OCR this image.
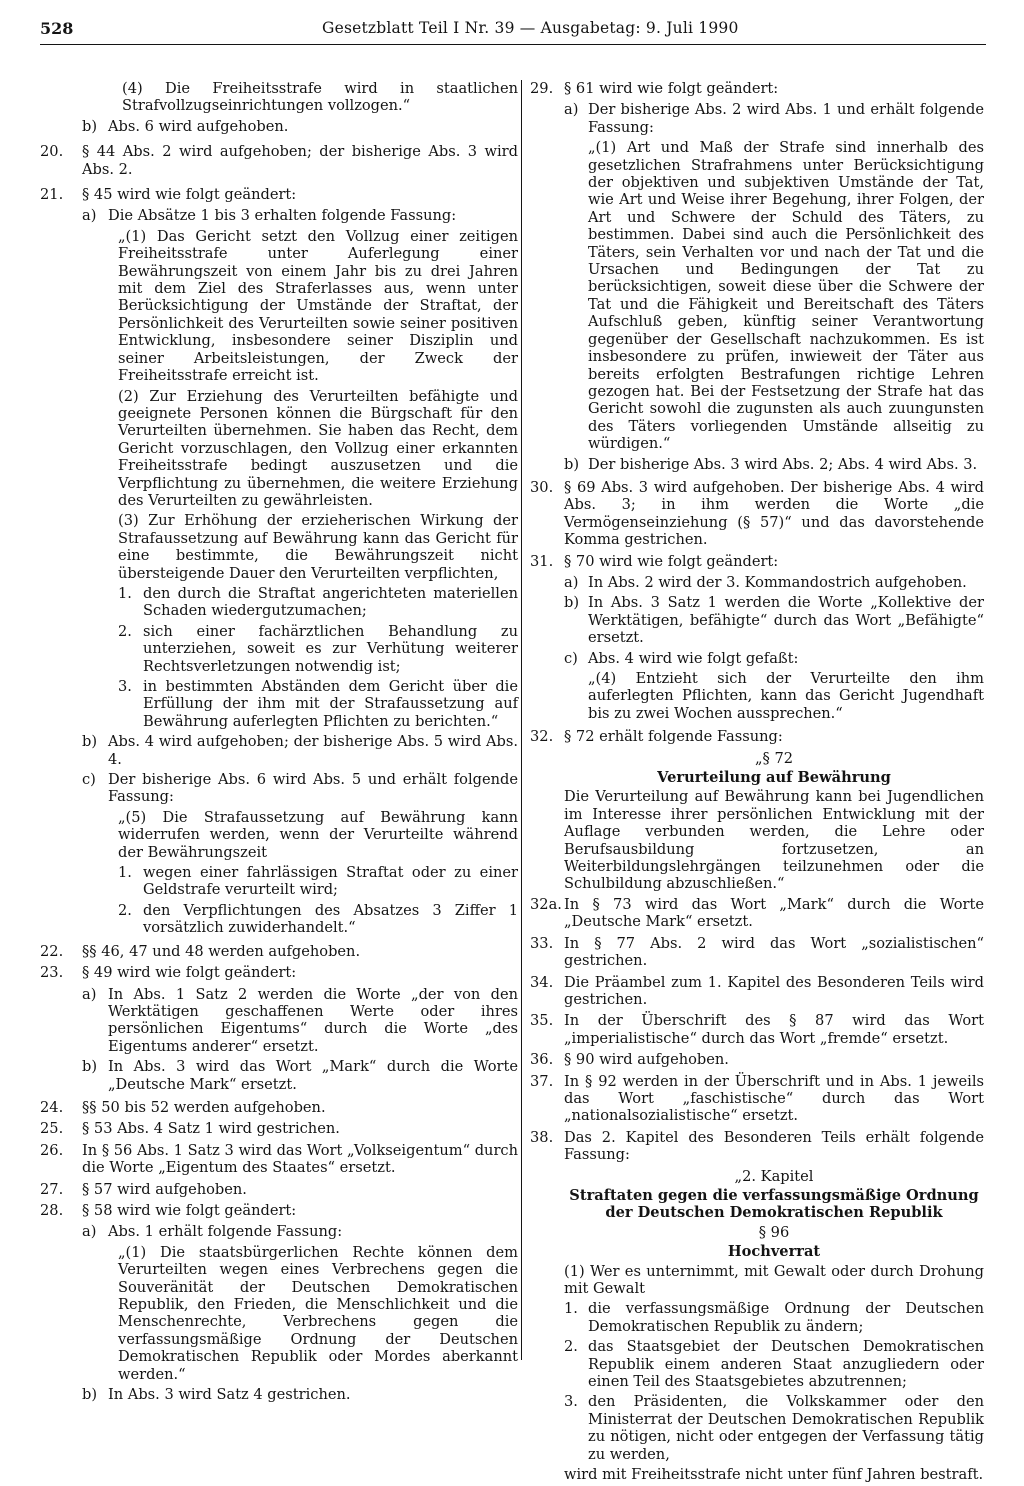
528	Gesetzblatt Teil I Nr. 39 — Ausgabetag: 9. Juli 1990
(4) Die Freiheitsstrafe wird in staatlichen Strafvollzugseinrichtungen vollzogen.“
b) Abs. 6 wird aufgehoben.
20. § 44 Abs. 2 wird aufgehoben; der bisherige Abs. 3 wird Abs. 2.
21. § 45 wird wie folgt geändert:
a) Die Absätze 1 bis 3 erhalten folgende Fassung:
„(1) Das Gericht setzt den Vollzug einer zeitigen Freiheitsstrafe unter Auferlegung einer Bewährungszeit von einem Jahr bis zu drei Jahren mit dem Ziel des Straferlasses aus, wenn unter Berücksichtigung der Umstände der Straftat, der Persönlichkeit des Verurteilten sowie seiner positiven Entwicklung, insbesondere seiner Disziplin und seiner Arbeitsleistungen, der Zweck der Freiheitsstrafe erreicht ist.
(2) Zur Erziehung des Verurteilten befähigte und geeignete Personen können die Bürgschaft für den Verurteilten übernehmen. Sie haben das Recht, dem Gericht vorzuschlagen, den Vollzug einer erkannten Freiheitsstrafe bedingt auszusetzen und die Verpflichtung zu übernehmen, die weitere Erziehung des Verurteilten zu gewährleisten.
(3) Zur Erhöhung der erzieherischen Wirkung der Strafaussetzung auf Bewährung kann das Gericht für eine bestimmte, die Bewährungszeit nicht übersteigende Dauer den Verurteilten verpflichten,
1. den durch die Straftat angerichteten materiellen Schaden wiedergutzumachen;
2. sich einer fachärztlichen Behandlung zu unterziehen, soweit es zur Verhütung weiterer Rechtsverletzungen notwendig ist;
3. in bestimmten Abständen dem Gericht über die Erfüllung der ihm mit der Strafaussetzung auf Bewährung auferlegten Pflichten zu berichten.“
b) Abs. 4 wird aufgehoben; der bisherige Abs. 5 wird Abs. 4.
c) Der bisherige Abs. 6 wird Abs. 5 und erhält folgende Fassung:
„(5) Die Strafaussetzung auf Bewährung kann widerrufen werden, wenn der Verurteilte während der Bewährungszeit
1. wegen einer fahrlässigen Straftat oder zu einer Geldstrafe verurteilt wird;
2. den Verpflichtungen des Absatzes 3 Ziffer 1 vorsätzlich zuwiderhandelt.“
22. §§ 46, 47 und 48 werden aufgehoben.
23. § 49 wird wie folgt geändert:
a) In Abs. 1 Satz 2 werden die Worte „der von den Werktätigen geschaffenen Werte oder ihres persönlichen Eigentums“ durch die Worte „des Eigentums anderer“ ersetzt.
b) In Abs. 3 wird das Wort „Mark“ durch die Worte „Deutsche Mark“ ersetzt.
24. §§ 50 bis 52 werden aufgehoben.
25. § 53 Abs. 4 Satz 1 wird gestrichen.
26. In § 56 Abs. 1 Satz 3 wird das Wort „Volkseigentum“ durch die Worte „Eigentum des Staates“ ersetzt.
27. § 57 wird aufgehoben.
28. § 58 wird wie folgt geändert:
a) Abs. 1 erhält folgende Fassung:
„(1) Die staatsbürgerlichen Rechte können dem Verurteilten wegen eines Verbrechens gegen die Souveränität der Deutschen Demokratischen Republik, den Frieden, die Menschlichkeit und die Menschenrechte, Verbrechens gegen die verfassungsmäßige Ordnung der Deutschen Demokratischen Republik oder Mordes aberkannt werden.“
b) In Abs. 3 wird Satz 4 gestrichen.
29. § 61 wird wie folgt geändert:
a) Der bisherige Abs. 2 wird Abs. 1 und erhält folgende Fassung:
„(1) Art und Maß der Strafe sind innerhalb des gesetzlichen Strafrahmens unter Berücksichtigung der objektiven und subjektiven Umstände der Tat, wie Art und Weise ihrer Begehung, ihrer Folgen, der Art und Schwere der Schuld des Täters, zu bestimmen. Dabei sind auch die Persönlichkeit des Täters, sein Verhalten vor und nach der Tat und die Ursachen und Bedingungen der Tat zu berücksichtigen, soweit diese über die Schwere der Tat und die Fähigkeit und Bereitschaft des Täters Aufschluß geben, künftig seiner Verantwortung gegenüber der Gesellschaft nachzukommen. Es ist insbesondere zu prüfen, inwieweit der Täter aus bereits erfolgten Bestrafungen richtige Lehren gezogen hat. Bei der Festsetzung der Strafe hat das Gericht sowohl die zugunsten als auch zuungunsten des Täters vorliegenden Umstände allseitig zu würdigen.“
b) Der bisherige Abs. 3 wird Abs. 2; Abs. 4 wird Abs. 3.
30. § 69 Abs. 3 wird aufgehoben. Der bisherige Abs. 4 wird Abs. 3; in ihm werden die Worte „die Vermögenseinziehung (§ 57)“ und das davorstehende Komma gestrichen.
31. § 70 wird wie folgt geändert:
a) In Abs. 2 wird der 3. Kommandostrich aufgehoben.
b) In Abs. 3 Satz 1 werden die Worte „Kollektive der Werktätigen, befähigte“ durch das Wort „Befähigte“ ersetzt.
c) Abs. 4 wird wie folgt gefaßt:
„(4) Entzieht sich der Verurteilte den ihm auferlegten Pflichten, kann das Gericht Jugendhaft bis zu zwei Wochen aussprechen.“
32. § 72 erhält folgende Fassung:
„§ 72
Verurteilung auf Bewährung
Die Verurteilung auf Bewährung kann bei Jugendlichen im Interesse ihrer persönlichen Entwicklung mit der Auflage verbunden werden, die Lehre oder Berufsausbildung fortzusetzen, an Weiterbildungslehrgängen teilzunehmen oder die Schulbildung abzuschließen.“
32a. In § 73 wird das Wort „Mark“ durch die Worte „Deutsche Mark“ ersetzt.
33. In § 77 Abs. 2 wird das Wort „sozialistischen“ gestrichen.
34. Die Präambel zum 1. Kapitel des Besonderen Teils wird gestrichen.
35. In der Überschrift des § 87 wird das Wort „imperialistische“ durch das Wort „fremde“ ersetzt.
36. § 90 wird aufgehoben.
37. In § 92 werden in der Überschrift und in Abs. 1 jeweils das Wort „faschistische“ durch das Wort „nationalsozialistische“ ersetzt.
38. Das 2. Kapitel des Besonderen Teils erhält folgende Fassung:
„2. Kapitel
Straftaten gegen die verfassungsmäßige Ordnung
der Deutschen Demokratischen Republik
§ 96
Hochverrat
(1) Wer es unternimmt, mit Gewalt oder durch Drohung mit Gewalt
1. die verfassungsmäßige Ordnung der Deutschen Demokratischen Republik zu ändern;
2. das Staatsgebiet der Deutschen Demokratischen Republik einem anderen Staat anzugliedern oder einen Teil des Staatsgebietes abzutrennen;
3. den Präsidenten, die Volkskammer oder den Ministerrat der Deutschen Demokratischen Republik zu nötigen, nicht oder entgegen der Verfassung tätig zu werden,
wird mit Freiheitsstrafe nicht unter fünf Jahren bestraft.
